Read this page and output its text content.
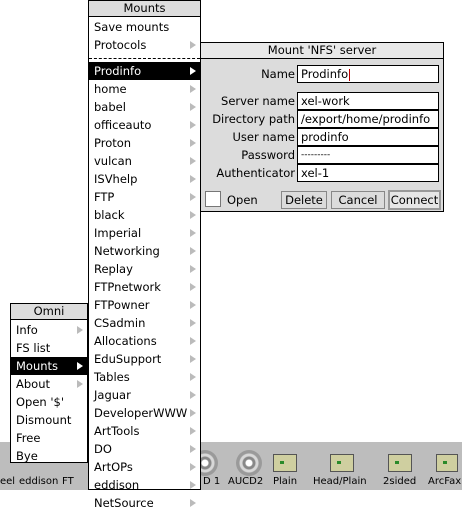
eel eddison FT	D 1 AUCD2 Plain Head/Plain 2sided ArcFax
Mounts
Save mounts
Protocols
Prodinfo
home
babel
officeauto
Proton
vulcan
ISVhelp
FTP
black
Imperial
Networking
Replay
FTPnetwork
FTPowner
CSadmin
Allocations
EduSupport
Tables
Jaguar
DeveloperWWW
ArtTools
DO
ArtOPs
eddison
NetSource
Omni
Info
FS list
Mounts
About
Open '$'
Dismount
Free
Bye
Mount 'NFS' server
Name Prodinfo
Server name xel-work
Directory path /export/home/prodinfo
User name prodinfo
Password ---------
Authenticator xel-1
Open	Delete	Cancel	Connect
